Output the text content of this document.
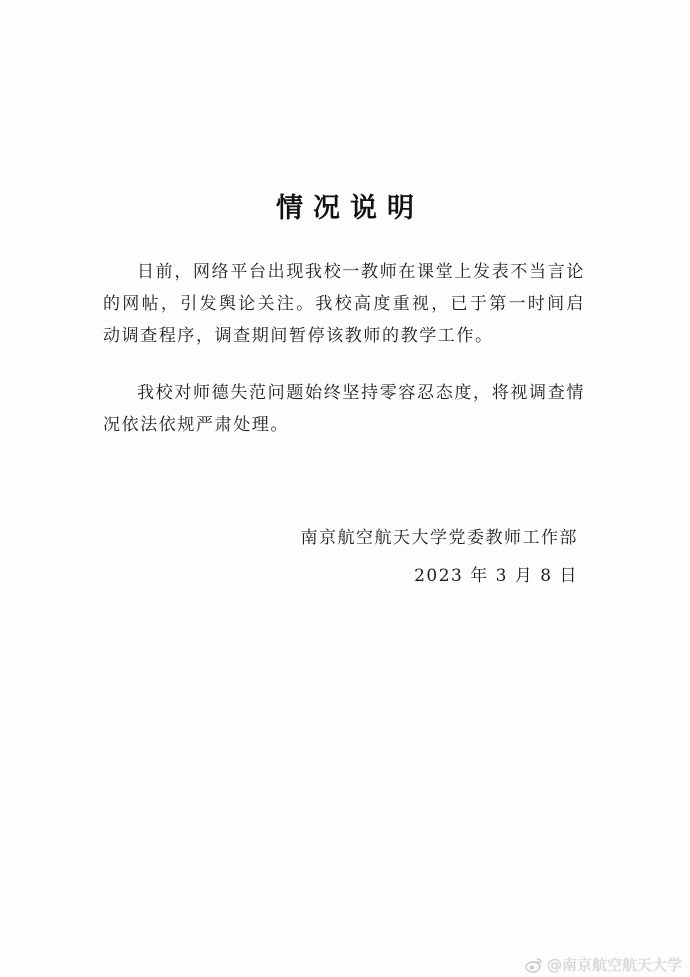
情况说明
日前，网络平台出现我校一教师在课堂上发表不当言论的网帖，引发舆论关注。我校高度重视，已于第一时间启动调查程序，调查期间暂停该教师的教学工作。
我校对师德失范问题始终坚持零容忍态度，将视调查情况依法依规严肃处理。
南京航空航天大学党委教师工作部
2023 年 3 月 8 日
@南京航空航天大学
